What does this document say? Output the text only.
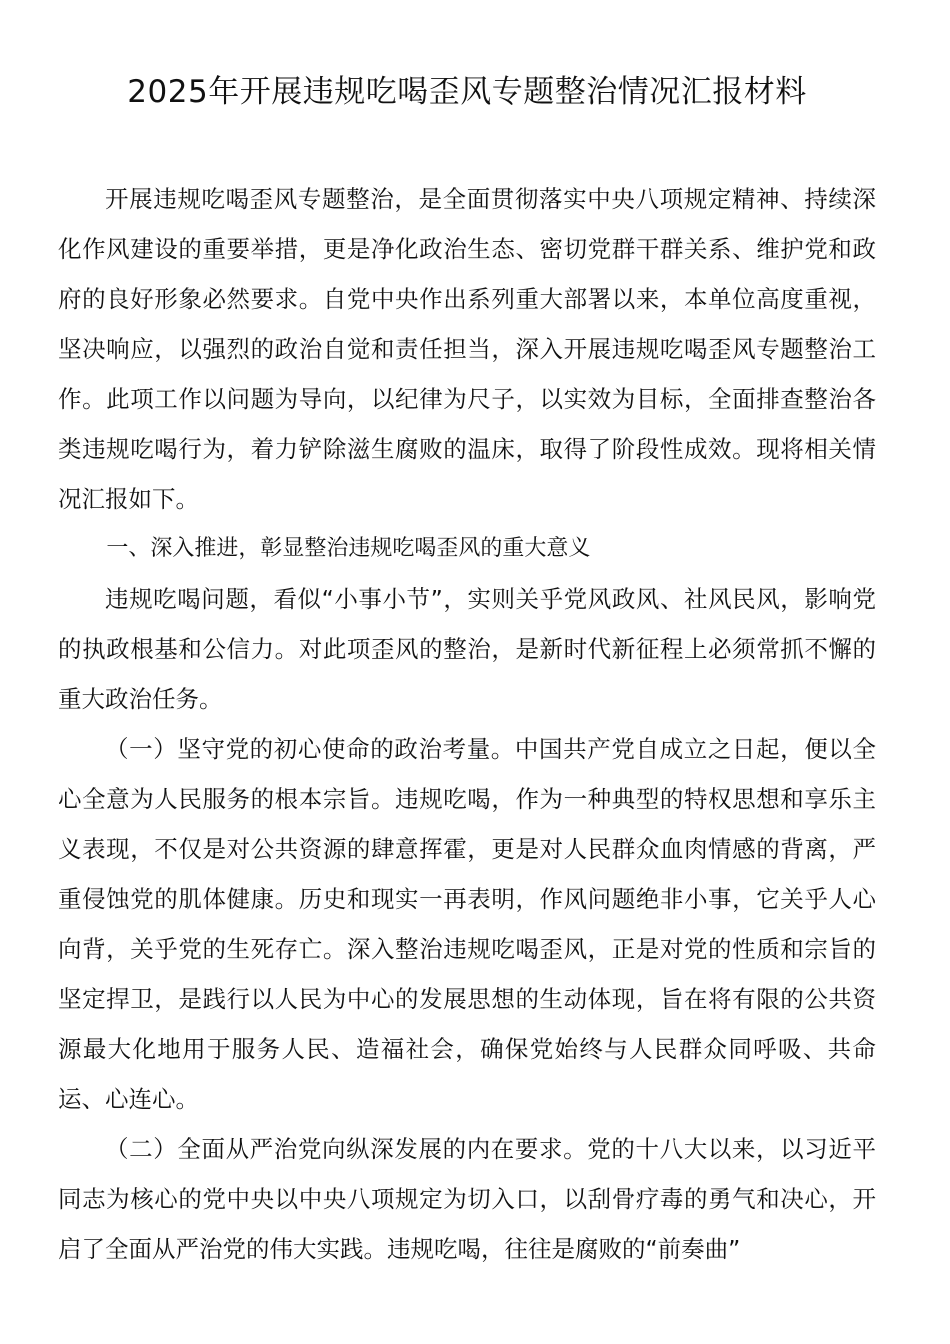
2025年开展违规吃喝歪风专题整治情况汇报材料

开展违规吃喝歪风专题整治，是全面贯彻落实中央八项规定精神、持续深化作风建设的重要举措，更是净化政治生态、密切党群干群关系、维护党和政府的良好形象必然要求。自党中央作出系列重大部署以来，本单位高度重视，坚决响应，以强烈的政治自觉和责任担当，深入开展违规吃喝歪风专题整治工作。此项工作以问题为导向，以纪律为尺子，以实效为目标，全面排查整治各类违规吃喝行为，着力铲除滋生腐败的温床，取得了阶段性成效。现将相关情况汇报如下。

一、深入推进，彰显整治违规吃喝歪风的重大意义

违规吃喝问题，看似“小事小节”，实则关乎党风政风、社风民风，影响党的执政根基和公信力。对此项歪风的整治，是新时代新征程上必须常抓不懈的重大政治任务。

（一）坚守党的初心使命的政治考量。中国共产党自成立之日起，便以全心全意为人民服务的根本宗旨。违规吃喝，作为一种典型的特权思想和享乐主义表现，不仅是对公共资源的肆意挥霍，更是对人民群众血肉情感的背离，严重侵蚀党的肌体健康。历史和现实一再表明，作风问题绝非小事，它关乎人心向背，关乎党的生死存亡。深入整治违规吃喝歪风，正是对党的性质和宗旨的坚定捍卫，是践行以人民为中心的发展思想的生动体现，旨在将有限的公共资源最大化地用于服务人民、造福社会，确保党始终与人民群众同呼吸、共命运、心连心。

（二）全面从严治党向纵深发展的内在要求。党的十八大以来，以习近平同志为核心的党中央以中央八项规定为切入口，以刮骨疗毒的勇气和决心，开启了全面从严治党的伟大实践。违规吃喝，往往是腐败的“前奏曲”
